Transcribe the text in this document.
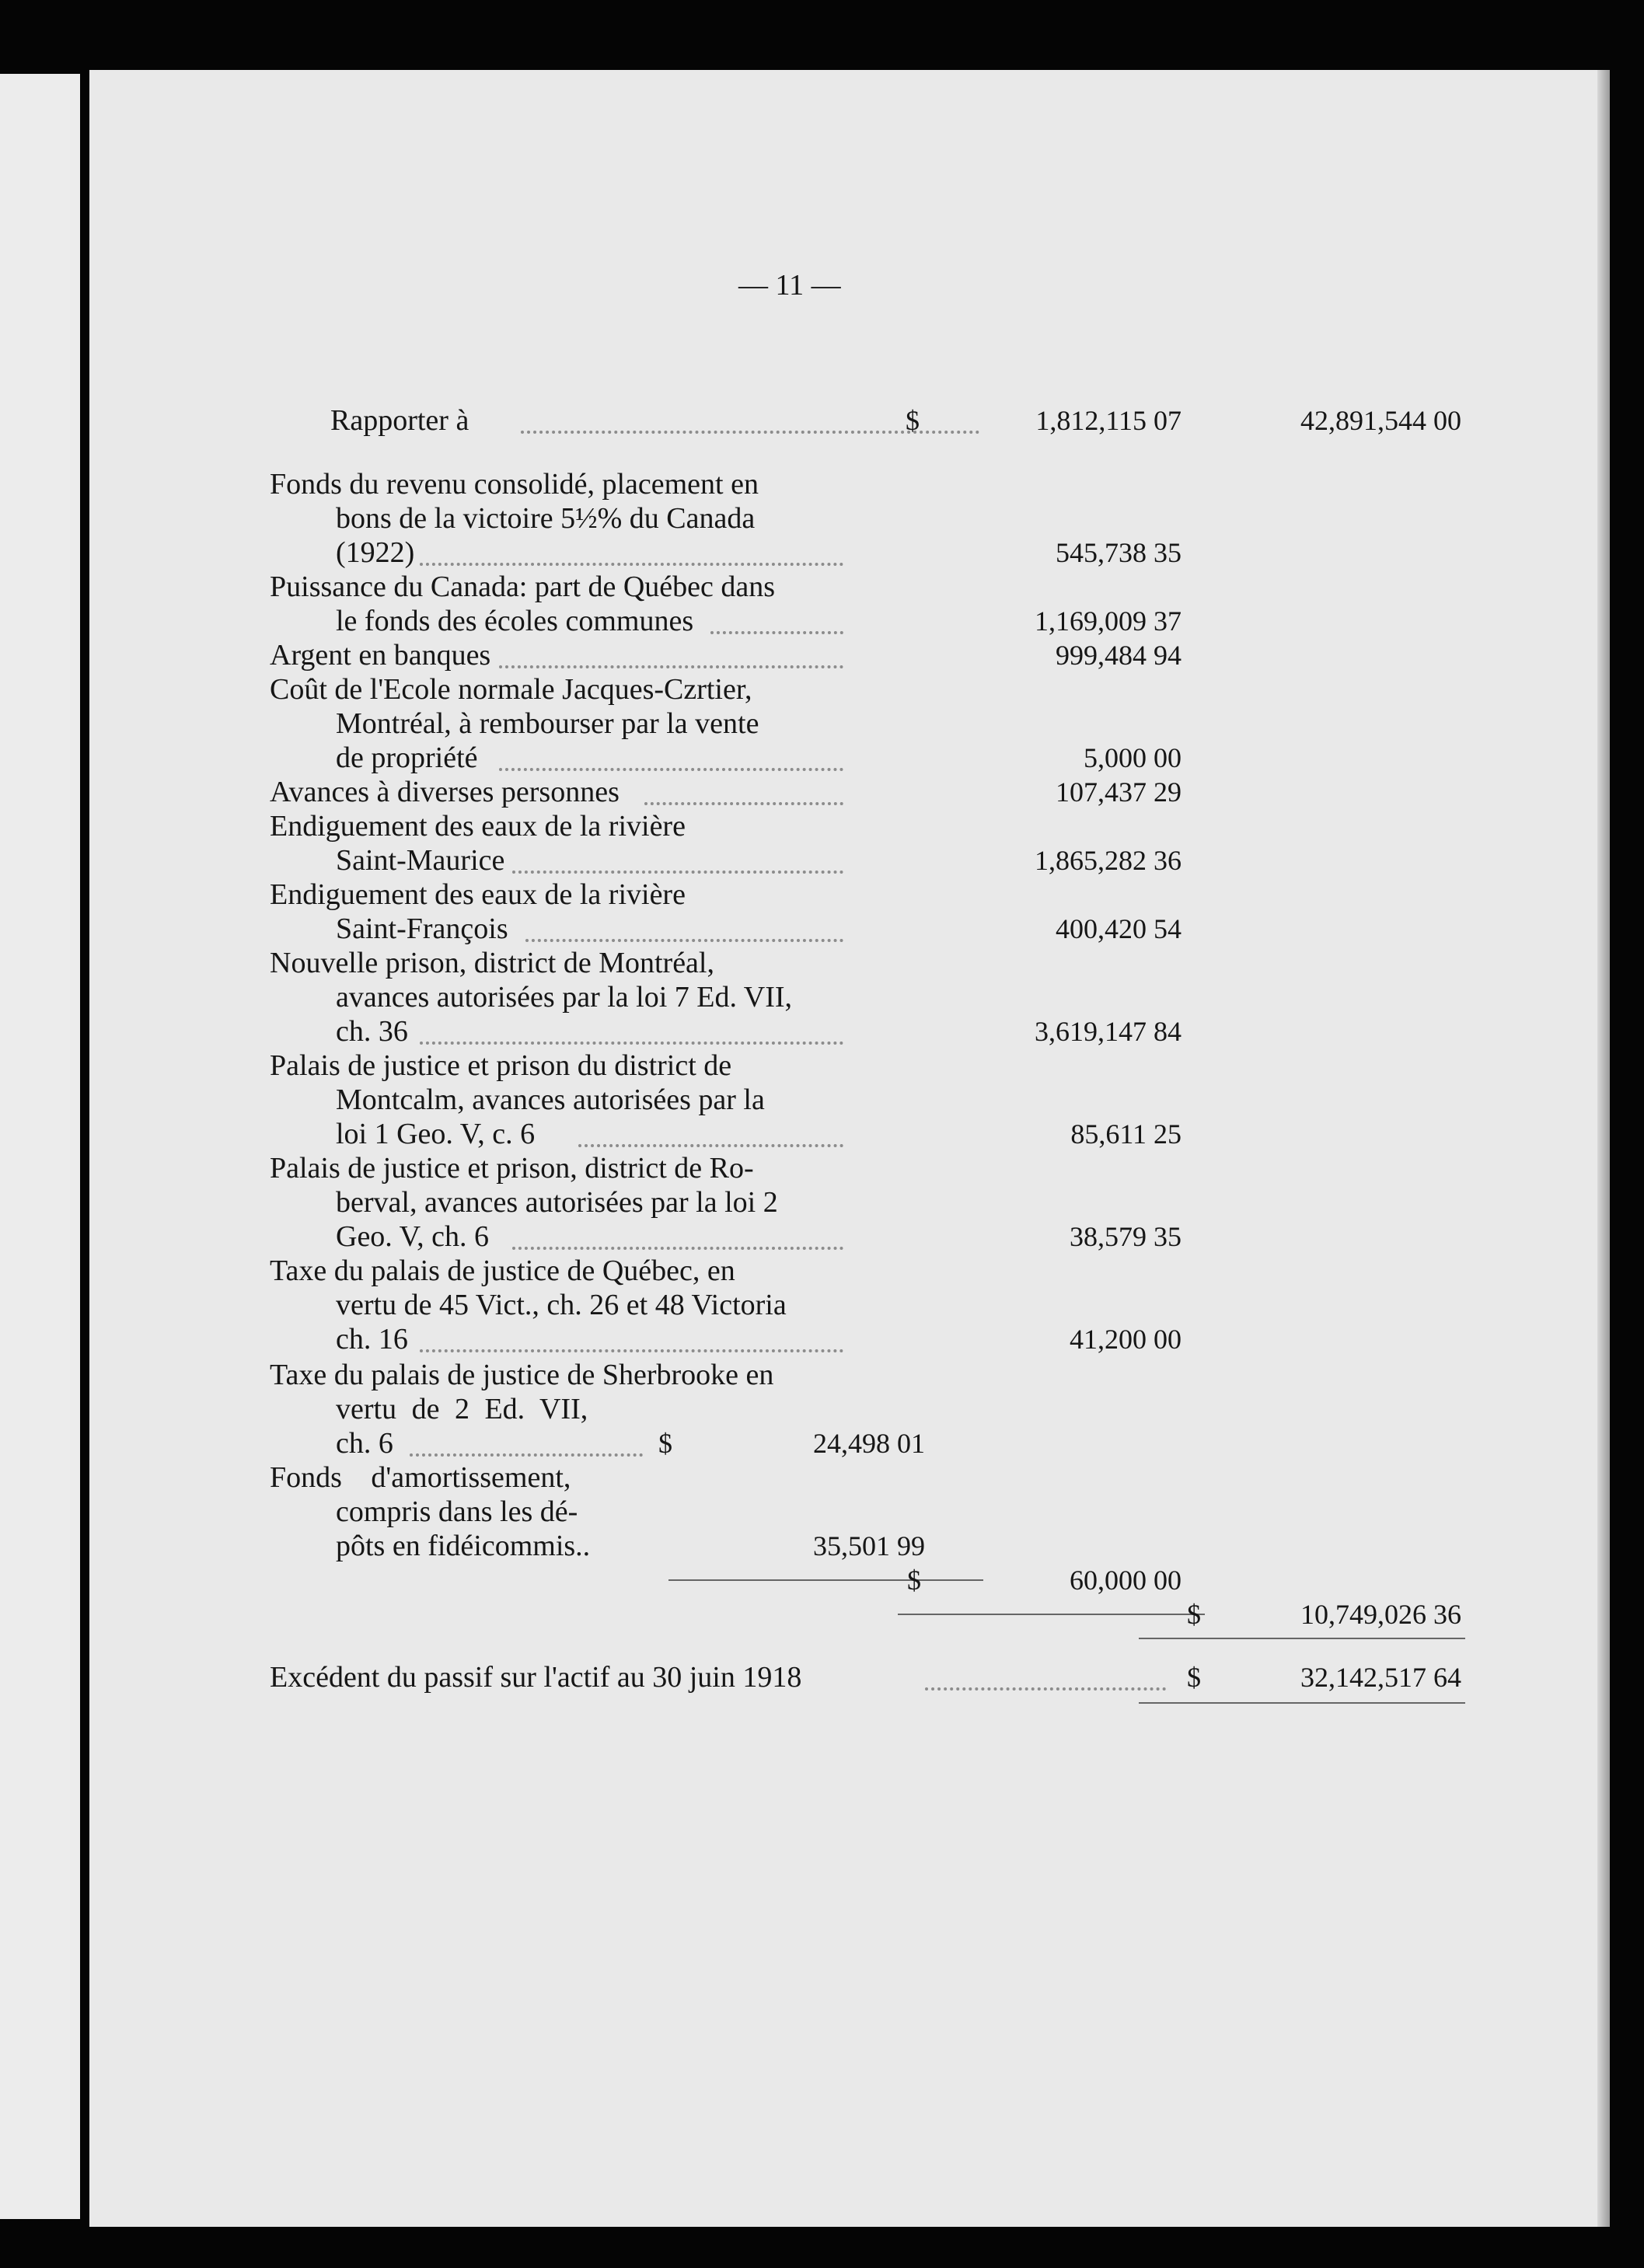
— 11 —
Rapporter à	$	1,812,115 07	42,891,544 00
Fonds du revenu consolidé, placement en
bons de la victoire 5½% du Canada
(1922)	545,738 35
Puissance du Canada: part de Québec dans
le fonds des écoles communes	1,169,009 37
Argent en banques	999,484 94
Coût de l'Ecole normale Jacques-Czrtier,
Montréal, à rembourser par la vente
de propriété	5,000 00
Avances à diverses personnes	107,437 29
Endiguement des eaux de la rivière
Saint-Maurice	1,865,282 36
Endiguement des eaux de la rivière
Saint-François	400,420 54
Nouvelle prison, district de Montréal,
avances autorisées par la loi 7 Ed. VII,
ch. 36	3,619,147 84
Palais de justice et prison du district de
Montcalm, avances autorisées par la
loi 1 Geo. V, c. 6	85,611 25
Palais de justice et prison, district de Ro-
berval, avances autorisées par la loi 2
Geo. V, ch. 6	38,579 35
Taxe du palais de justice de Québec, en
vertu de 45 Vict., ch. 26 et 48 Victoria
ch. 16	41,200 00
Taxe du palais de justice de Sherbrooke en
vertu de 2 Ed. VII,
ch. 6	$	24,498 01
Fonds d'amortissement,
compris dans les dé-
pôts en fidéicommis..	35,501 99
$	60,000 00
$	10,749,026 36
Excédent du passif sur l'actif au 30 juin 1918	$	32,142,517 64
